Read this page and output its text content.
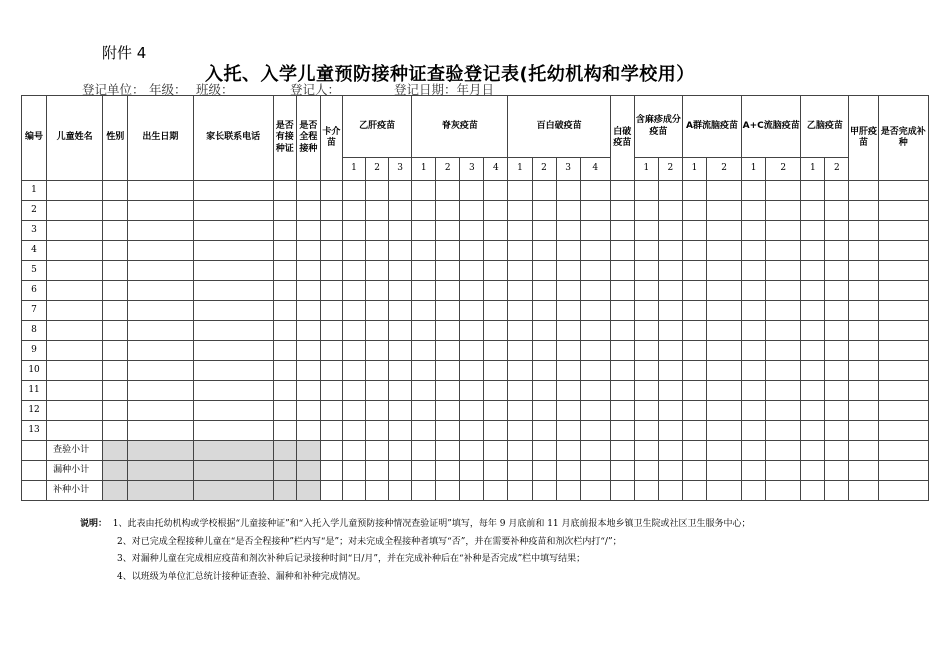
附件 4
入托、入学儿童预防接种证查验登记表(托幼机构和学校用）
登记单位： 年级： 班级：	登记人：	登记日期：年月日
编号	儿童姓名	性别	出生日期	家长联系电话	是否有接种证	是否全程接种	卡介苗	乙肝疫苗			脊灰疫苗				百白破疫苗				白破疫苗	含麻疹成分疫苗		A群流脑疫苗		A+C流脑疫苗		乙脑疫苗		甲肝疫苗	是否完成补种
								1	2	3	1	2	3	4	1	2	3	4		1	2	1	2	1	2	1	2		
1																													
2																													
3																													
4																													
5																													
6																													
7																													
8																													
9																													
10																													
11																													
12																													
13																													
	查验小计																												
	漏种小计																												
	补种小计																												
说明： 1、此表由托幼机构或学校根据“儿童接种证”和“入托入学儿童预防接种情况查验证明”填写，每年 9 月底前和 11 月底前报本地乡镇卫生院或社区卫生服务中心；
2、对已完成全程接种儿童在“是否全程接种”栏内写“是”；对未完成全程接种者填写“否”，并在需要补种疫苗和剂次栏内打“/”；
3、对漏种儿童在完成相应疫苗和剂次补种后记录接种时间“日/月”，并在完成补种后在“补种是否完成”栏中填写结果；
4、以班级为单位汇总统计接种证查验、漏种和补种完成情况。
